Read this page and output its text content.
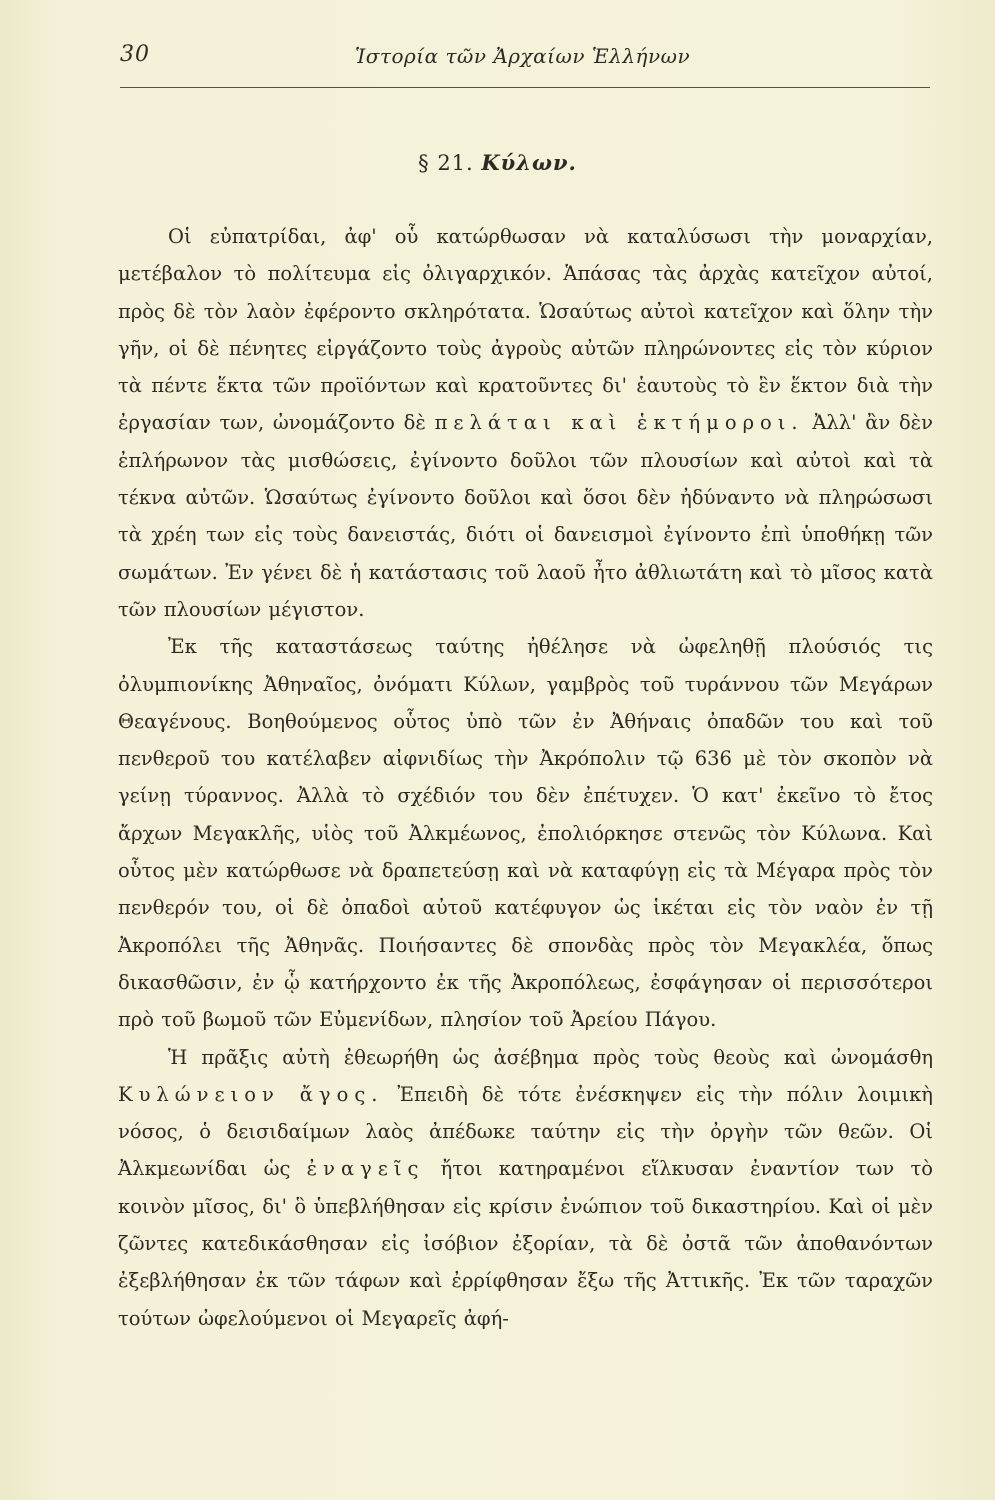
30	Ἱστορία τῶν Ἀρχαίων Ἑλλήνων
§ 21. Κύλων.

Οἱ εὐπατρίδαι, ἀφ' οὗ κατώρθωσαν νὰ καταλύσωσι τὴν μοναρχίαν, μετέβαλον τὸ πολίτευμα εἰς ὀλιγαρχικόν. Ἁπάσας τὰς ἀρχὰς κατεῖχον αὐτοί, πρὸς δὲ τὸν λαὸν ἐφέροντο σκληρότατα. Ὡσαύτως αὐτοὶ κατεῖχον καὶ ὅλην τὴν γῆν, οἱ δὲ πένητες εἰργάζοντο τοὺς ἀγροὺς αὐτῶν πληρώνοντες εἰς τὸν κύριον τὰ πέντε ἕκτα τῶν προϊόντων καὶ κρατοῦντες δι' ἑαυτοὺς τὸ ἓν ἕκτον διὰ τὴν ἐργασίαν των, ὠνομάζοντο δὲ πελάται καὶ ἑκτήμοροι. Ἀλλ' ἂν δὲν ἐπλήρωνον τὰς μισθώσεις, ἐγίνοντο δοῦλοι τῶν πλουσίων καὶ αὐτοὶ καὶ τὰ τέκνα αὐτῶν. Ὡσαύτως ἐγίνοντο δοῦλοι καὶ ὅσοι δὲν ἠδύναντο νὰ πληρώσωσι τὰ χρέη των εἰς τοὺς δανειστάς, διότι οἱ δανεισμοὶ ἐγίνοντο ἐπὶ ὑποθήκῃ τῶν σωμάτων. Ἐν γένει δὲ ἡ κατάστασις τοῦ λαοῦ ἦτο ἀθλιωτάτη καὶ τὸ μῖσος κατὰ τῶν πλουσίων μέγιστον.

Ἐκ τῆς καταστάσεως ταύτης ἠθέλησε νὰ ὠφεληθῇ πλούσιός τις ὀλυμπιονίκης Ἀθηναῖος, ὀνόματι Κύλων, γαμβρὸς τοῦ τυράννου τῶν Μεγάρων Θεαγένους. Βοηθούμενος οὗτος ὑπὸ τῶν ἐν Ἀθήναις ὀπαδῶν του καὶ τοῦ πενθεροῦ του κατέλαβεν αἰφνιδίως τὴν Ἀκρόπολιν τῷ 636 μὲ τὸν σκοπὸν νὰ γείνῃ τύραννος. Ἀλλὰ τὸ σχέδιόν του δὲν ἐπέτυχεν. Ὁ κατ' ἐκεῖνο τὸ ἔτος ἄρχων Μεγακλῆς, υἱὸς τοῦ Ἀλκμέωνος, ἐπολιόρκησε στενῶς τὸν Κύλωνα. Καὶ οὗτος μὲν κατώρθωσε νὰ δραπετεύσῃ καὶ νὰ καταφύγῃ εἰς τὰ Μέγαρα πρὸς τὸν πενθερόν του, οἱ δὲ ὀπαδοὶ αὐτοῦ κατέφυγον ὡς ἱκέται εἰς τὸν ναὸν ἐν τῇ Ἀκροπόλει τῆς Ἀθηνᾶς. Ποιήσαντες δὲ σπονδὰς πρὸς τὸν Μεγακλέα, ὅπως δικασθῶσιν, ἐν ᾧ κατήρχοντο ἐκ τῆς Ἀκροπόλεως, ἐσφάγησαν οἱ περισσότεροι πρὸ τοῦ βωμοῦ τῶν Εὐμενίδων, πλησίον τοῦ Ἀρείου Πάγου.

Ἡ πρᾶξις αὐτὴ ἐθεωρήθη ὡς ἀσέβημα πρὸς τοὺς θεοὺς καὶ ὠνομάσθη Κυλώνειον ἄγος. Ἐπειδὴ δὲ τότε ἐνέσκηψεν εἰς τὴν πόλιν λοιμικὴ νόσος, ὁ δεισιδαίμων λαὸς ἀπέδωκε ταύτην εἰς τὴν ὀργὴν τῶν θεῶν. Οἱ Ἀλκμεωνίδαι ὡς ἐναγεῖς ἤτοι κατηραμένοι εἵλκυσαν ἐναντίον των τὸ κοινὸν μῖσος, δι' ὃ ὑπεβλήθησαν εἰς κρίσιν ἐνώπιον τοῦ δικαστηρίου. Καὶ οἱ μὲν ζῶντες κατεδικάσθησαν εἰς ἰσόβιον ἐξορίαν, τὰ δὲ ὀστᾶ τῶν ἀποθανόντων ἐξεβλήθησαν ἐκ τῶν τάφων καὶ ἐρρίφθησαν ἔξω τῆς Ἀττικῆς. Ἐκ τῶν ταραχῶν τούτων ὠφελούμενοι οἱ Μεγαρεῖς ἀφή-
